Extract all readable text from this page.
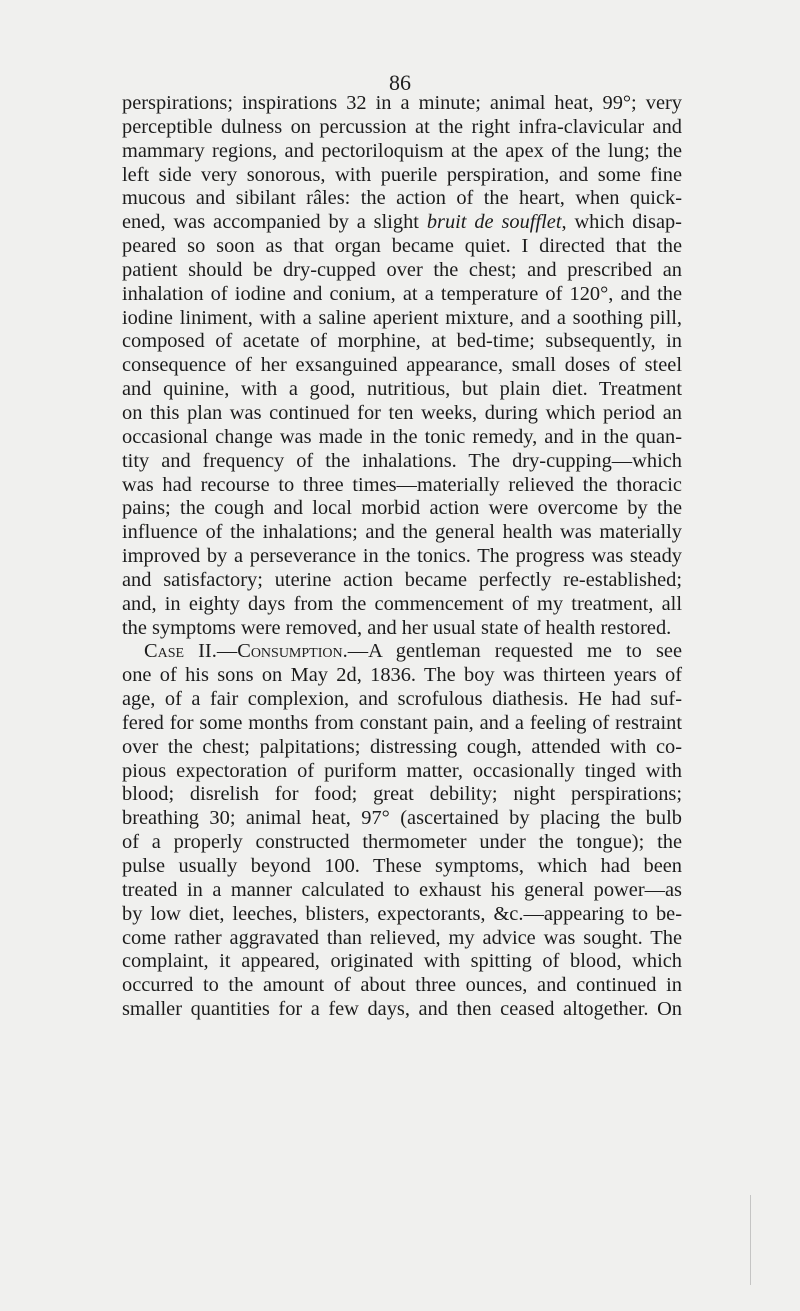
86
perspirations; inspirations 32 in a minute; animal heat, 99°; very
perceptible dulness on percussion at the right infra-clavicular and
mammary regions, and pectoriloquism at the apex of the lung; the
left side very sonorous, with puerile perspiration, and some fine
mucous and sibilant râles: the action of the heart, when quick-
ened, was accompanied by a slight bruit de soufflet, which disap-
peared so soon as that organ became quiet. I directed that the
patient should be dry-cupped over the chest; and prescribed an
inhalation of iodine and conium, at a temperature of 120°, and the
iodine liniment, with a saline aperient mixture, and a soothing pill,
composed of acetate of morphine, at bed-time; subsequently, in
consequence of her exsanguined appearance, small doses of steel
and quinine, with a good, nutritious, but plain diet. Treatment
on this plan was continued for ten weeks, during which period an
occasional change was made in the tonic remedy, and in the quan-
tity and frequency of the inhalations. The dry-cupping—which
was had recourse to three times—materially relieved the thoracic
pains; the cough and local morbid action were overcome by the
influence of the inhalations; and the general health was materially
improved by a perseverance in the tonics. The progress was steady
and satisfactory; uterine action became perfectly re-established;
and, in eighty days from the commencement of my treatment, all
the symptoms were removed, and her usual state of health restored.
Case II.—Consumption.—A gentleman requested me to see
one of his sons on May 2d, 1836. The boy was thirteen years of
age, of a fair complexion, and scrofulous diathesis. He had suf-
fered for some months from constant pain, and a feeling of restraint
over the chest; palpitations; distressing cough, attended with co-
pious expectoration of puriform matter, occasionally tinged with
blood; disrelish for food; great debility; night perspirations;
breathing 30; animal heat, 97° (ascertained by placing the bulb
of a properly constructed thermometer under the tongue); the
pulse usually beyond 100. These symptoms, which had been
treated in a manner calculated to exhaust his general power—as
by low diet, leeches, blisters, expectorants, &c.—appearing to be-
come rather aggravated than relieved, my advice was sought. The
complaint, it appeared, originated with spitting of blood, which
occurred to the amount of about three ounces, and continued in
smaller quantities for a few days, and then ceased altogether. On
